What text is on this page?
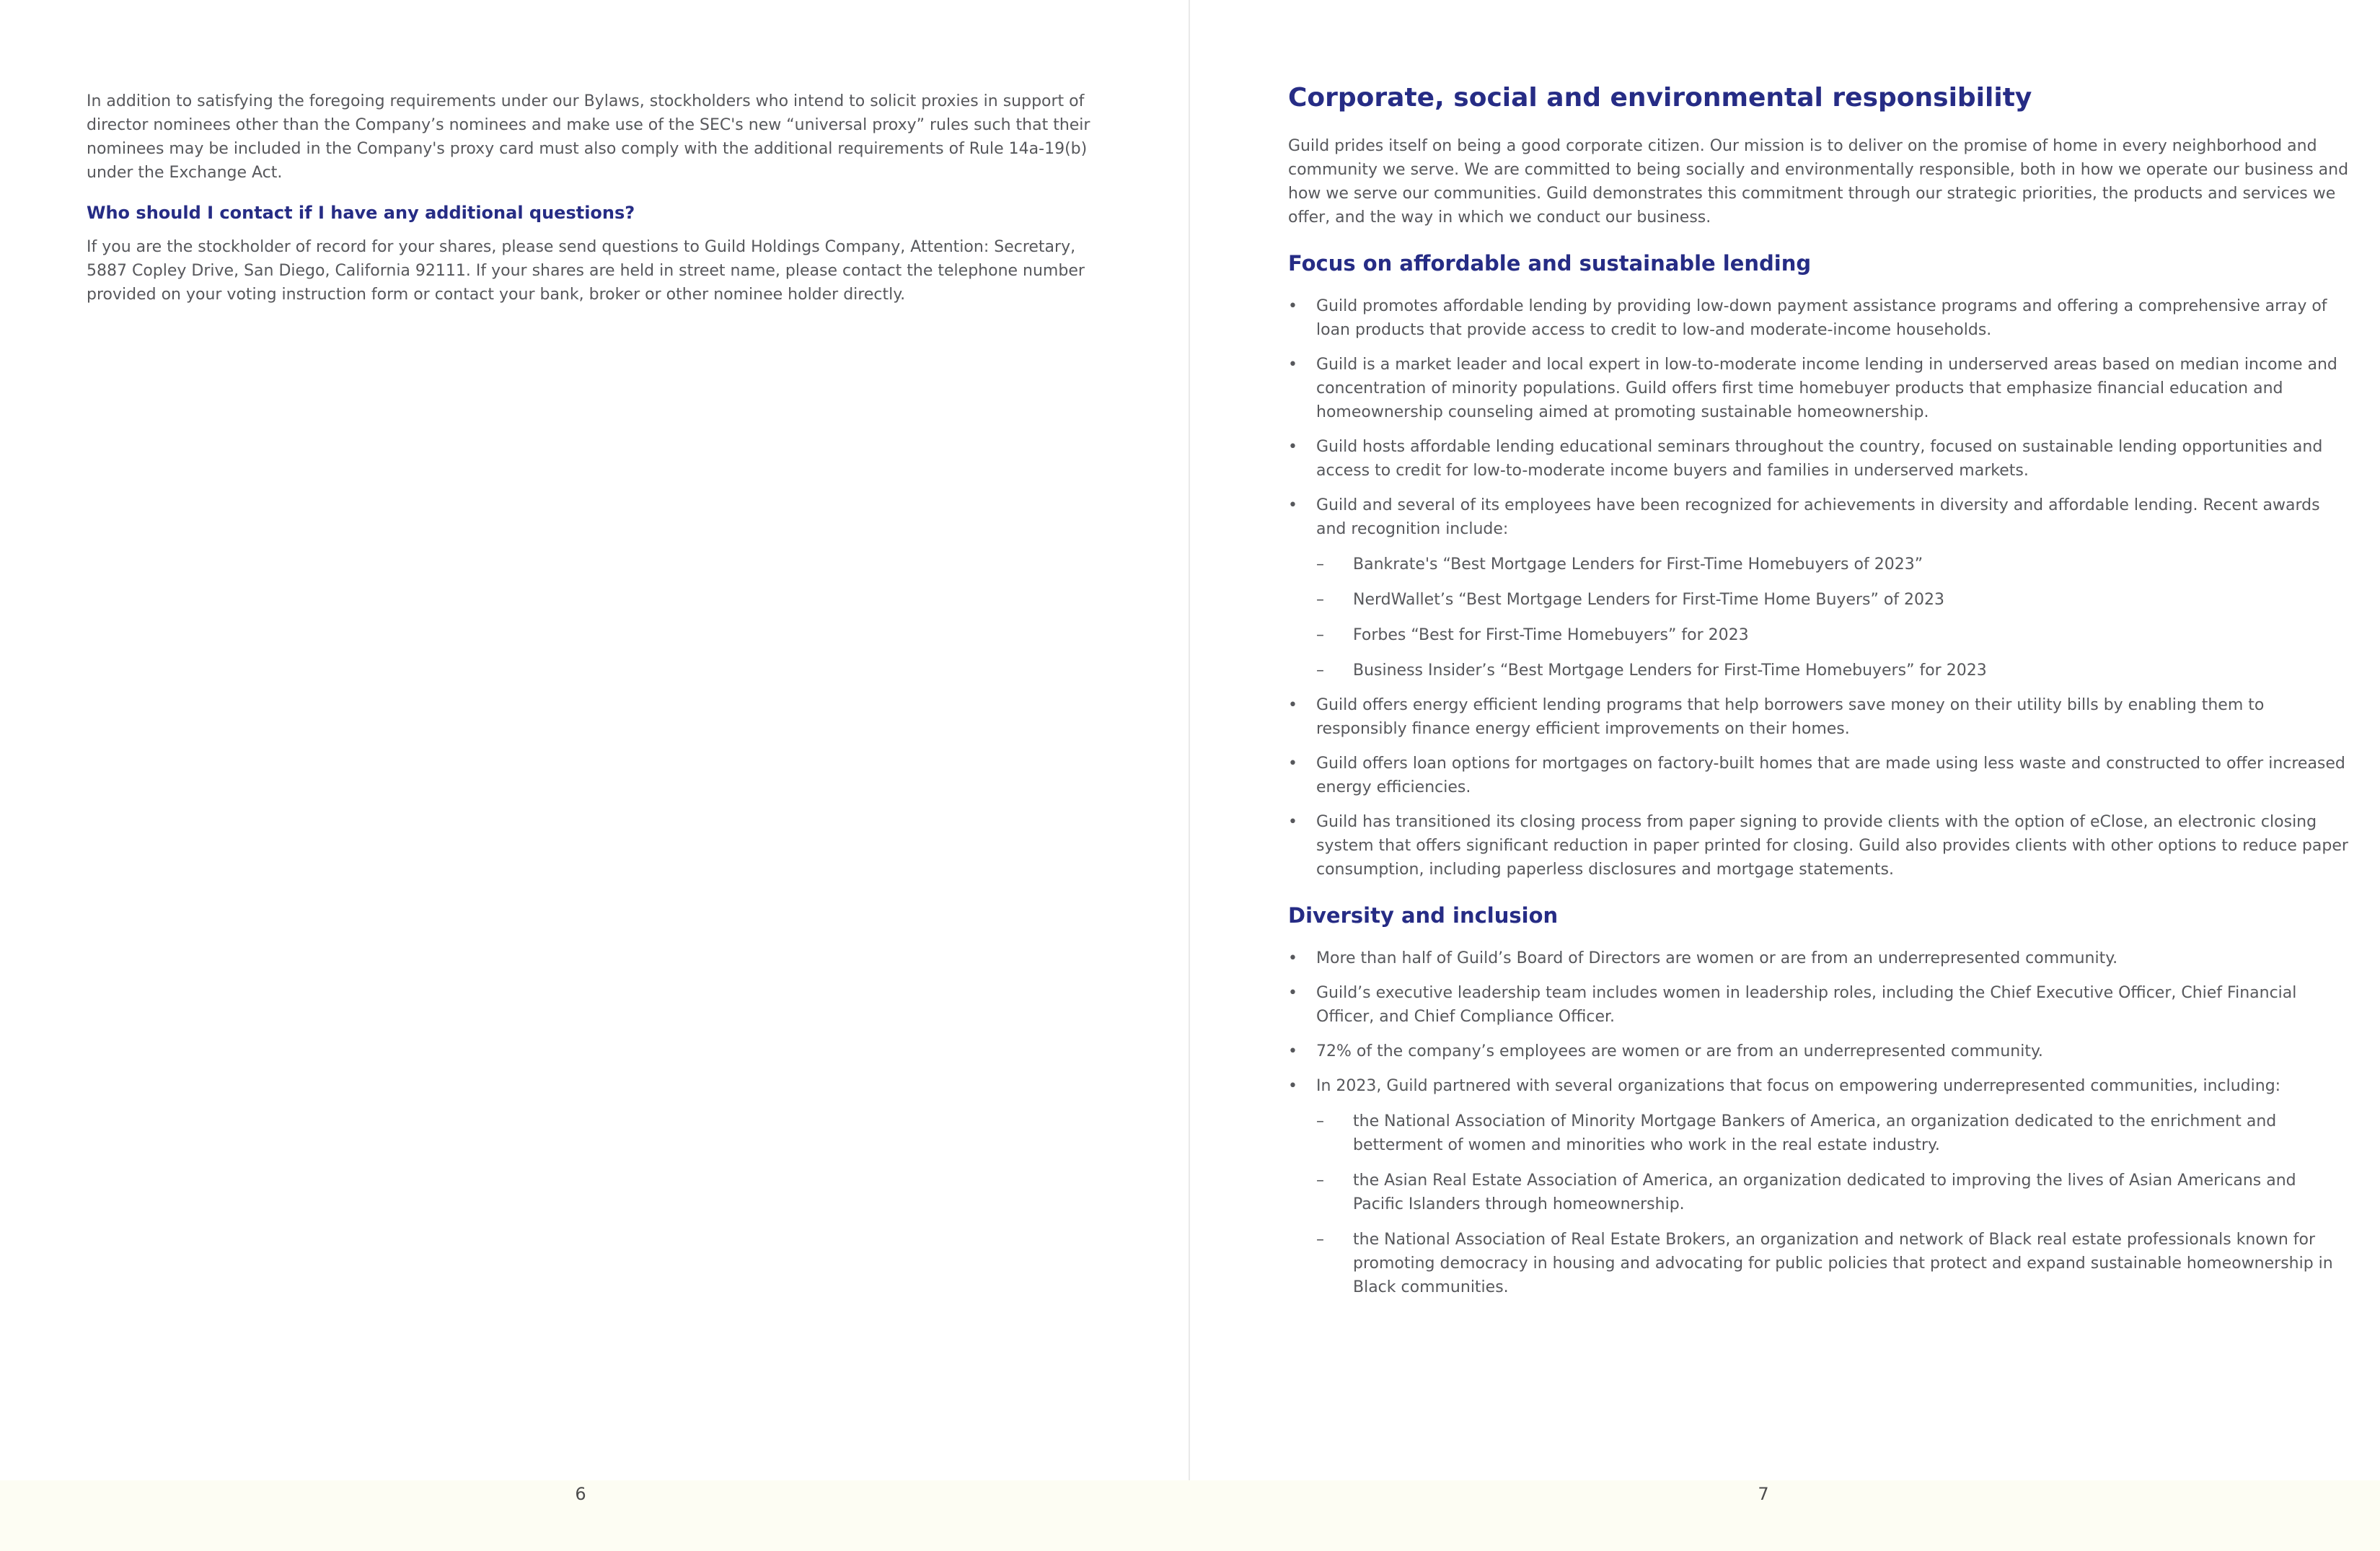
In addition to satisfying the foregoing requirements under our Bylaws, stockholders who intend to solicit proxies in support of director nominees other than the Company’s nominees and make use of the SEC's new “universal proxy” rules such that their nominees may be included in the Company's proxy card must also comply with the additional requirements of Rule 14a-19(b) under the Exchange Act.

Who should I contact if I have any additional questions?

If you are the stockholder of record for your shares, please send questions to Guild Holdings Company, Attention: Secretary, 5887 Copley Drive, San Diego, California 92111. If your shares are held in street name, please contact the telephone number provided on your voting instruction form or contact your bank, broker or other nominee holder directly.

Corporate, social and environmental responsibility

Guild prides itself on being a good corporate citizen. Our mission is to deliver on the promise of home in every neighborhood and community we serve. We are committed to being socially and environmentally responsible, both in how we operate our business and how we serve our communities. Guild demonstrates this commitment through our strategic priorities, the products and services we offer, and the way in which we conduct our business.

Focus on affordable and sustainable lending
•	Guild promotes affordable lending by providing low-down payment assistance programs and offering a comprehensive array of loan products that provide access to credit to low-and moderate-income households.

•	Guild is a market leader and local expert in low-to-moderate income lending in underserved areas based on median income and concentration of minority populations. Guild offers first time homebuyer products that emphasize financial education and homeownership counseling aimed at promoting sustainable homeownership.

•	Guild hosts affordable lending educational seminars throughout the country, focused on sustainable lending opportunities and access to credit for low-to-moderate income buyers and families in underserved markets.

•	Guild and several of its employees have been recognized for achievements in diversity and affordable lending. Recent awards and recognition include:

–	Bankrate's “Best Mortgage Lenders for First-Time Homebuyers of 2023”

–	NerdWallet’s “Best Mortgage Lenders for First-Time Home Buyers” of 2023

–	Forbes “Best for First-Time Homebuyers” for 2023

–	Business Insider’s “Best Mortgage Lenders for First-Time Homebuyers” for 2023

•	Guild offers energy efficient lending programs that help borrowers save money on their utility bills by enabling them to responsibly finance energy efficient improvements on their homes.

•	Guild offers loan options for mortgages on factory-built homes that are made using less waste and constructed to offer increased energy efficiencies.

•	Guild has transitioned its closing process from paper signing to provide clients with the option of eClose, an electronic closing system that offers significant reduction in paper printed for closing. Guild also provides clients with other options to reduce paper consumption, including paperless disclosures and mortgage statements.

Diversity and inclusion
•	More than half of Guild’s Board of Directors are women or are from an underrepresented community.

•	Guild’s executive leadership team includes women in leadership roles, including the Chief Executive Officer, Chief Financial Officer, and Chief Compliance Officer.

•	72% of the company’s employees are women or are from an underrepresented community.

•	In 2023, Guild partnered with several organizations that focus on empowering underrepresented communities, including:

–	the National Association of Minority Mortgage Bankers of America, an organization dedicated to the enrichment and betterment of women and minorities who work in the real estate industry.

–	the Asian Real Estate Association of America, an organization dedicated to improving the lives of Asian Americans and Pacific Islanders through homeownership.

–	the National Association of Real Estate Brokers, an organization and network of Black real estate professionals known for promoting democracy in housing and advocating for public policies that protect and expand sustainable homeownership in Black communities.

6	7
